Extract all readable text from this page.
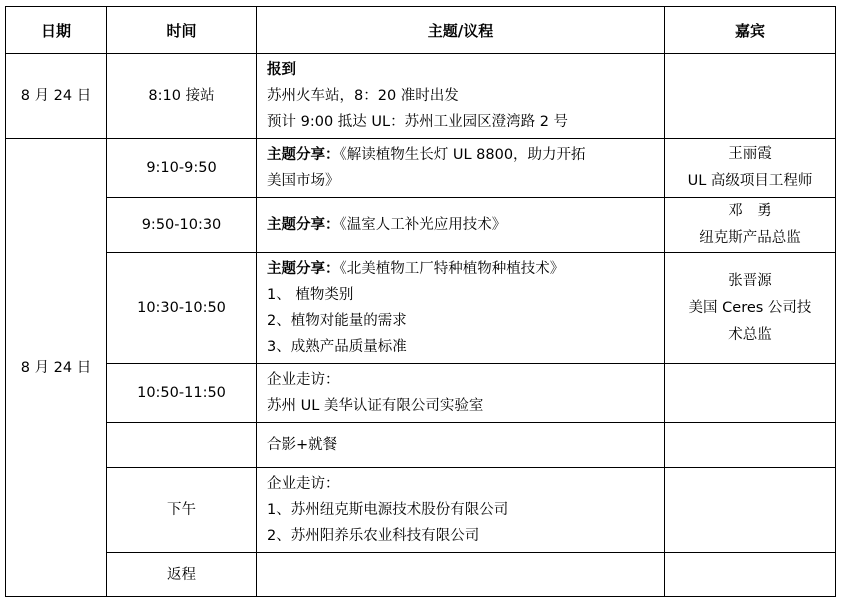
日期	时间	主题/议程	嘉宾
8 月 24 日	8:10 接站	报到
苏州火车站，8：20 准时出发
预计 9:00 抵达 UL：苏州工业园区澄湾路 2 号	

8 月 24 日	9:10-9:50	主题分享：《解读植物生长灯 UL 8800，助力开拓
美国市场》	王丽霞
UL 高级项目工程师

	9:50-10:30	主题分享：《温室人工补光应用技术》	邓　勇
纽克斯产品总监

	10:30-10:50	主题分享：《北美植物工厂特种植物种植技术》
1、 植物类别
2、植物对能量的需求
3、成熟产品质量标准	张晋源
美国 Ceres 公司技
术总监

	10:50-11:50	企业走访：
苏州 UL 美华认证有限公司实验室	

		合影+就餐	

	下午	企业走访：
1、苏州纽克斯电源技术股份有限公司
2、苏州阳养乐农业科技有限公司	

	返程		
